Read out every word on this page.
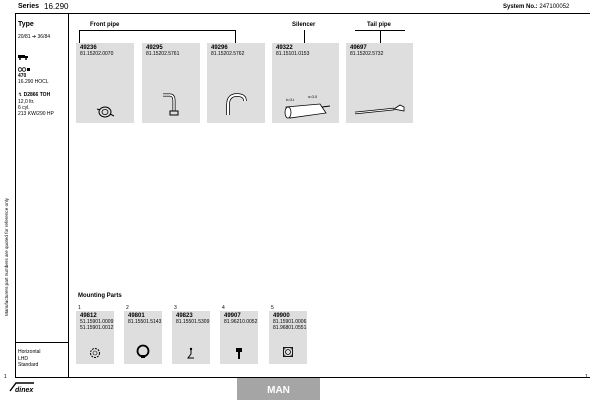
Series 16.290	System No.: 247100052
Manufacturers part numbers are quoted for reference only
Type
20/81 ➔ 36/84
470
16.290 HOCL
↯ D2866 TOH
12,0 ltr.
6 cyl.
213 KW/290 HP
Horizontal
LHD
Standard
Front pipe	Silencer	Tail pipe
49236
81.15202.0070
49295
81.15202.5761
49296
81.15202.5762
49322
81.15101.0153
b=3-t
a=3-5
49697
81.15202.5732
Mounting Parts
1
49812
51.15901.0009
51.15901.0012
2
49801
81.15501.5143
3
49823
81.15501.5309
4
49907
81.96210.0052
5
49900
81.15901.0006
81.96801.0551
1	1
dinex	MAN
